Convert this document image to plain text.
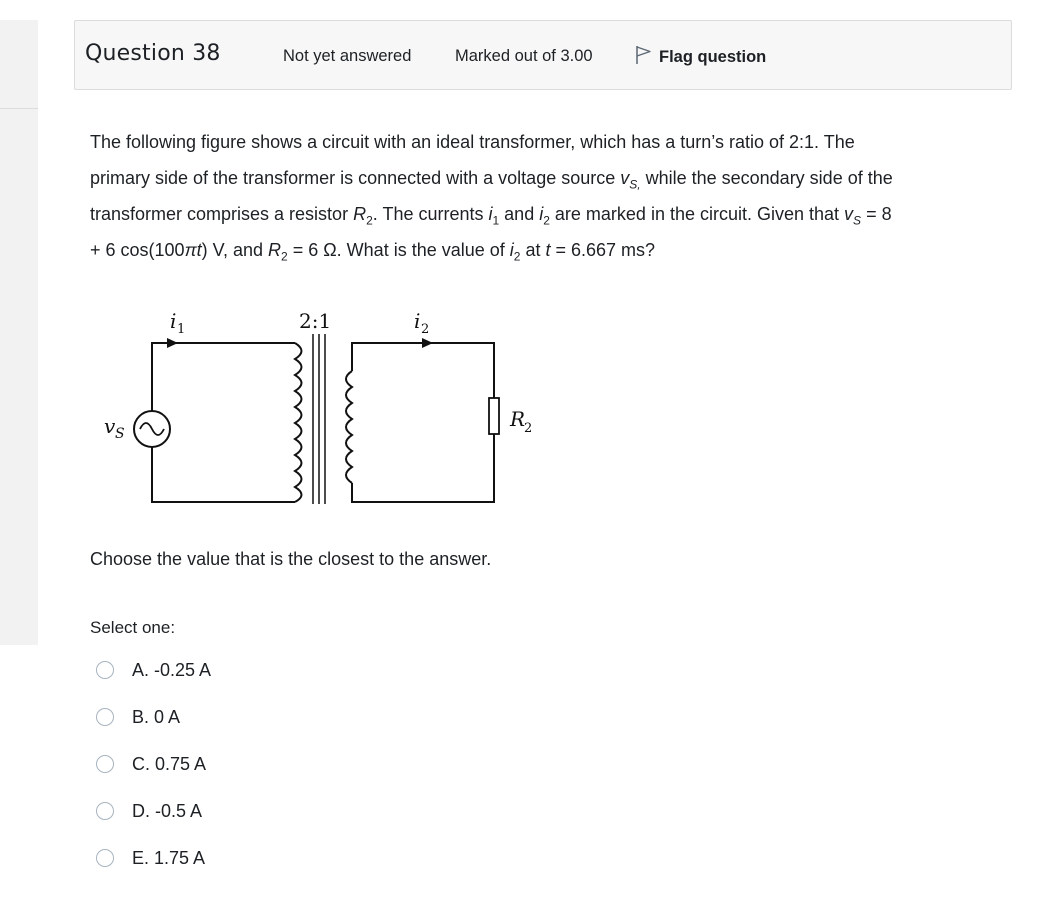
Question 38	Not yet answered	Marked out of 3.00	Flag question
The following figure shows a circuit with an ideal transformer, which has a turn’s ratio of 2:1. The
primary side of the transformer is connected with a voltage source $v_{S,}$ while the secondary side of the
transformer comprises a resistor $R_2$. The currents $i_1$ and $i_2$ are marked in the circuit. Given that $v_S = 8$
+ 6 cos(100πt) V, and $R_2 = 6$ Ω. What is the value of $i_2$ at t = 6.667 ms?
i 1	2:1	i 2
v S
R
2
Choose the value that is the closest to the answer.
Select one:
A. -0.25 A
B. 0 A
C. 0.75 A
D. -0.5 A
E. 1.75 A
